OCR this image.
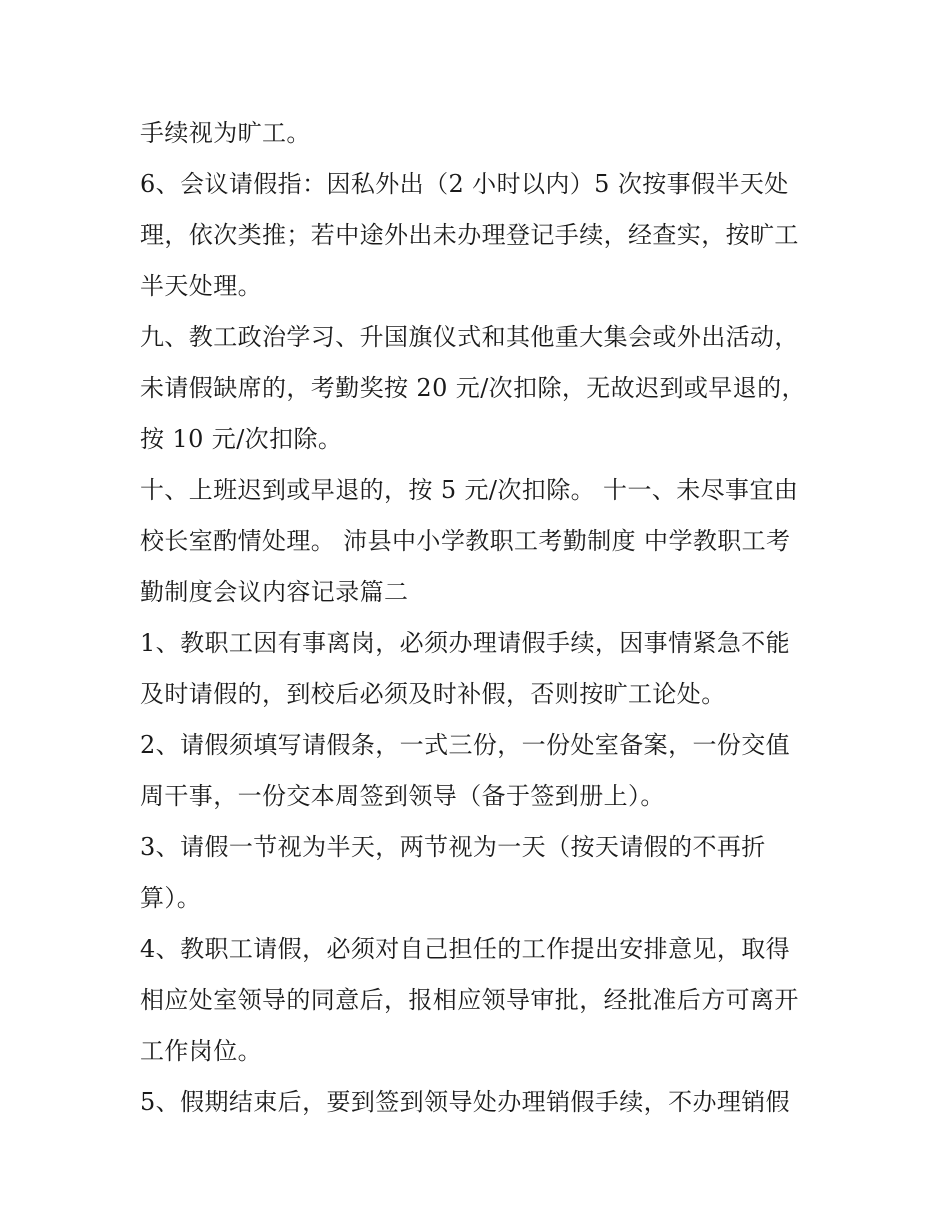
手续视为旷工。
6、会议请假指：因私外出（2 小时以内）5 次按事假半天处
理，依次类推；若中途外出未办理登记手续，经查实，按旷工
半天处理。
九、教工政治学习、升国旗仪式和其他重大集会或外出活动，
未请假缺席的，考勤奖按 20 元/次扣除，无故迟到或早退的，
按 10 元/次扣除。
十、上班迟到或早退的，按 5 元/次扣除。 十一、未尽事宜由
校长室酌情处理。 沛县中小学教职工考勤制度 中学教职工考
勤制度会议内容记录篇二
1、教职工因有事离岗，必须办理请假手续，因事情紧急不能
及时请假的，到校后必须及时补假，否则按旷工论处。
2、请假须填写请假条，一式三份，一份处室备案，一份交值
周干事，一份交本周签到领导（备于签到册上）。
3、请假一节视为半天，两节视为一天（按天请假的不再折
算）。
4、教职工请假，必须对自己担任的工作提出安排意见，取得
相应处室领导的同意后，报相应领导审批，经批准后方可离开
工作岗位。
5、假期结束后，要到签到领导处办理销假手续，不办理销假
